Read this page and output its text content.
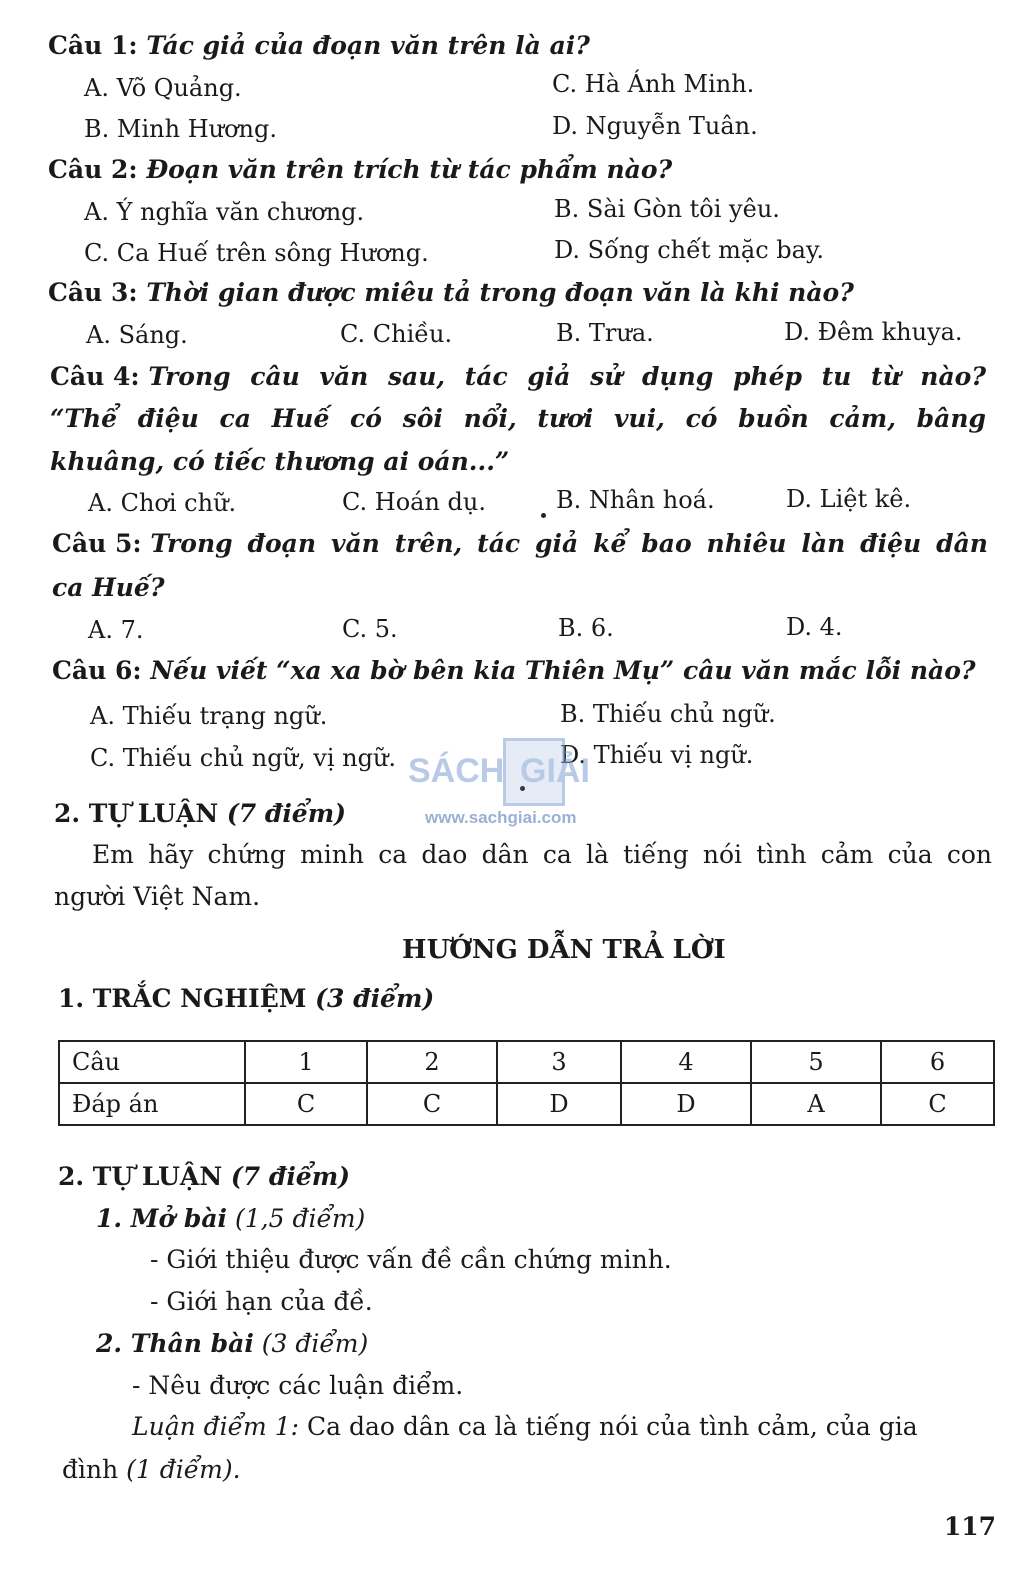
Câu 1: Tác giả của đoạn văn trên là ai?
A. Võ Quảng.	C. Hà Ánh Minh.
B. Minh Hương.	D. Nguyễn Tuân.
Câu 2: Đoạn văn trên trích từ tác phẩm nào?
A. Ý nghĩa văn chương.	B. Sài Gòn tôi yêu.
C. Ca Huế trên sông Hương.	D. Sống chết mặc bay.
Câu 3: Thời gian được miêu tả trong đoạn văn là khi nào?
A. Sáng.	C. Chiều.	B. Trưa.	D. Đêm khuya.
Câu 4 : Trong câu văn sau, tác giả sử dụng phép tu từ nào?
“Thể điệu ca Huế có sôi nổi, tươi vui, có buồn cảm, bâng
khuâng, có tiếc thương ai oán...”
A. Chơi chữ.	C. Hoán dụ.	B. Nhân hoá.	D. Liệt kê.
Câu 5 : Trong đoạn văn trên, tác giả kể bao nhiêu làn điệu dân
ca Huế?
A. 7.	C. 5.	B. 6.	D. 4.
Câu 6: Nếu viết “xa xa bờ bên kia Thiên Mụ” câu văn mắc lỗi nào?
A. Thiếu trạng ngữ.	B. Thiếu chủ ngữ.
C. Thiếu chủ ngữ, vị ngữ.	D. Thiếu vị ngữ.
SÁCH GIẢI
www.sachgiai.com
2. TỰ LUẬN (7 điểm)
Em hãy chứng minh ca dao dân ca là tiếng nói tình cảm của con
người Việt Nam.
HƯỚNG DẪN TRẢ LỜI
1. TRẮC NGHIỆM (3 điểm)
Câu	1	2	3	4	5	6
Đáp án	C	C	D	D	A	C
2. TỰ LUẬN (7 điểm)
1. Mở bài (1,5 điểm)
- Giới thiệu được vấn đề cần chứng minh.
- Giới hạn của đề.
2. Thân bài (3 điểm)
- Nêu được các luận điểm.
Luận điểm 1: Ca dao dân ca là tiếng nói của tình cảm, của gia
đình (1 điểm).
117
